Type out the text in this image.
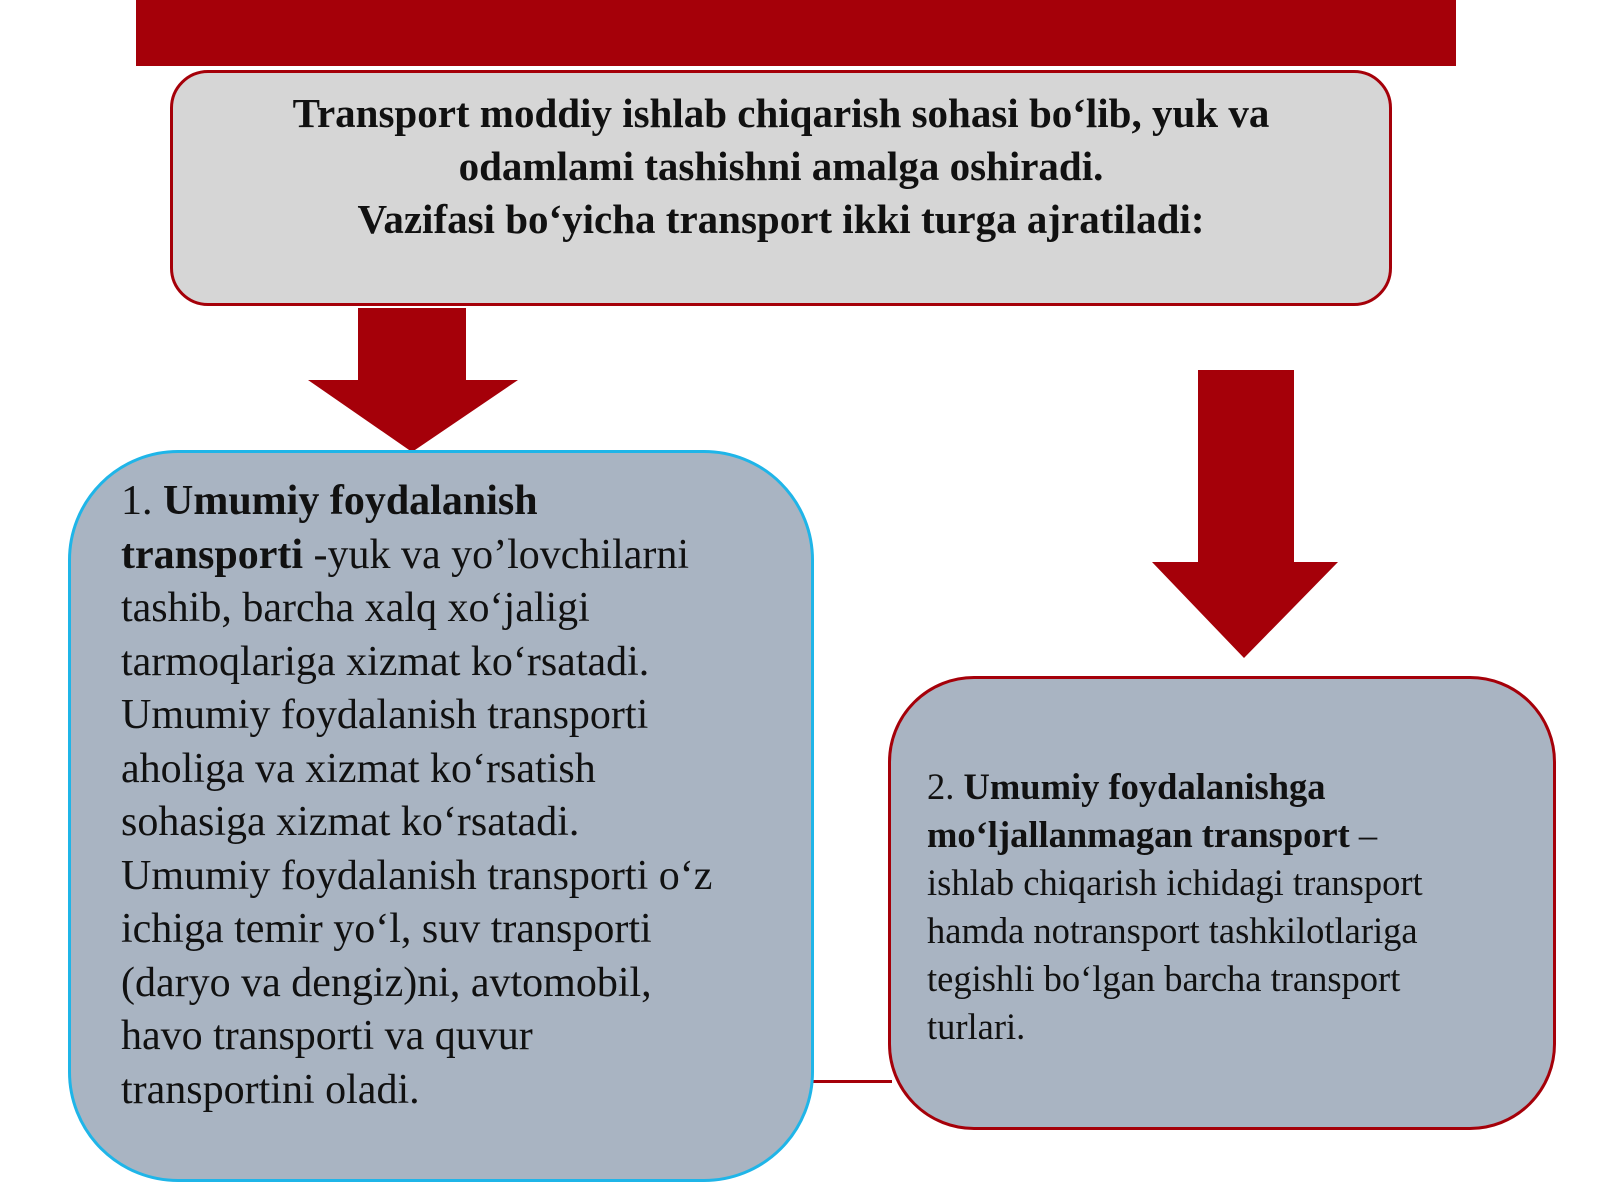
Transport moddiy ishlab chiqarish sohasi bo‘lib, yuk va
odamlami tashishni amalga oshiradi.
Vazifasi bo‘yicha transport ikki turga ajratiladi:
1. Umumiy foydalanish
transporti -yuk va yo’lovchilarni
tashib, barcha xalq xo‘jaligi
tarmoqlariga xizmat ko‘rsatadi.
Umumiy foydalanish transporti
aholiga va xizmat ko‘rsatish
sohasiga xizmat ko‘rsatadi.
Umumiy foydalanish transporti o‘z
ichiga temir yo‘l, suv transporti
(daryo va dengiz)ni, avtomobil,
havo transporti va quvur
transportini oladi.
2. Umumiy foydalanishga
mo‘ljallanmagan transport –
ishlab chiqarish ichidagi transport
hamda notransport tashkilotlariga
tegishli bo‘lgan barcha transport
turlari.
